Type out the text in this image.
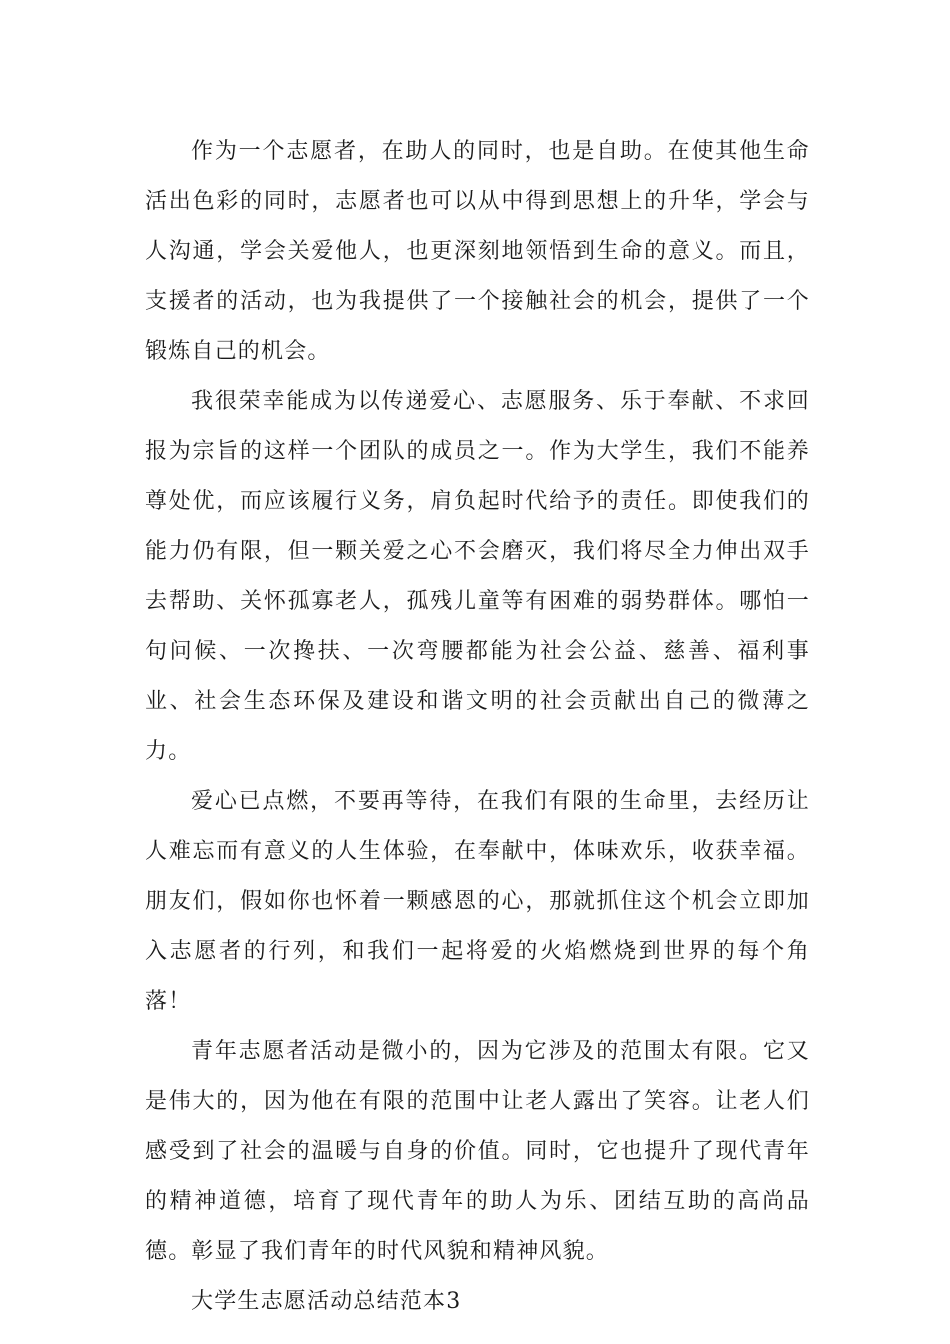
作为一个志愿者，在助人的同时，也是自助。在使其他生命活出色彩的同时，志愿者也可以从中得到思想上的升华，学会与人沟通，学会关爱他人，也更深刻地领悟到生命的意义。而且，支援者的活动，也为我提供了一个接触社会的机会，提供了一个锻炼自己的机会。

我很荣幸能成为以传递爱心、志愿服务、乐于奉献、不求回报为宗旨的这样一个团队的成员之一。作为大学生，我们不能养尊处优，而应该履行义务，肩负起时代给予的责任。即使我们的能力仍有限，但一颗关爱之心不会磨灭，我们将尽全力伸出双手去帮助、关怀孤寡老人，孤残儿童等有困难的弱势群体。哪怕一句问候、一次搀扶、一次弯腰都能为社会公益、慈善、福利事业、社会生态环保及建设和谐文明的社会贡献出自己的微薄之力。

爱心已点燃，不要再等待，在我们有限的生命里，去经历让人难忘而有意义的人生体验，在奉献中，体味欢乐，收获幸福。朋友们，假如你也怀着一颗感恩的心，那就抓住这个机会立即加入志愿者的行列，和我们一起将爱的火焰燃烧到世界的每个角落！

青年志愿者活动是微小的，因为它涉及的范围太有限。它又是伟大的，因为他在有限的范围中让老人露出了笑容。让老人们感受到了社会的温暖与自身的价值。同时，它也提升了现代青年的精神道德，培育了现代青年的助人为乐、团结互助的高尚品德。彰显了我们青年的时代风貌和精神风貌。

大学生志愿活动总结范本3
